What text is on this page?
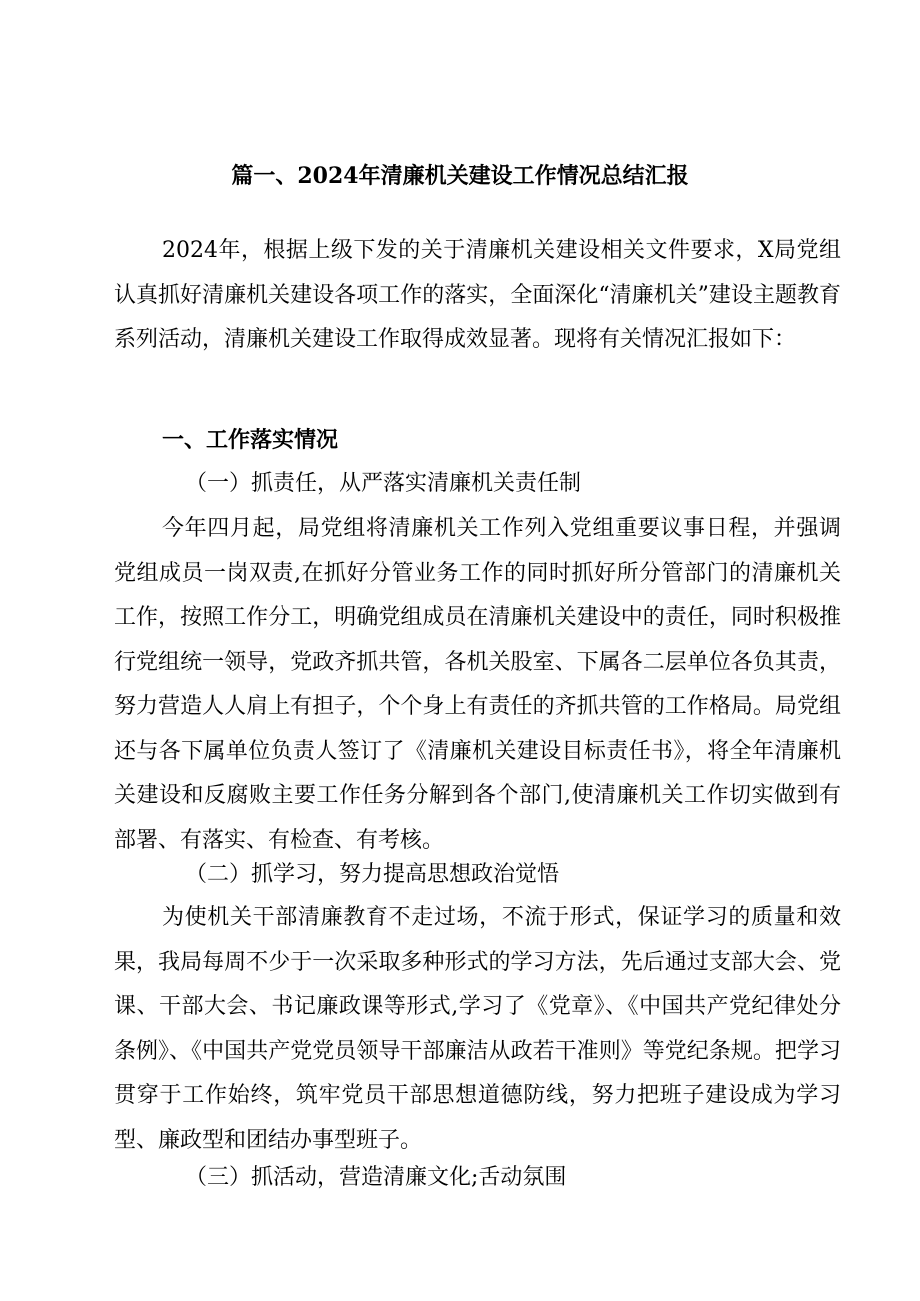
篇一、2024年清廉机关建设工作情况总结汇报

2024年，根据上级下发的关于清廉机关建设相关文件要求，X局党组认真抓好清廉机关建设各项工作的落实，全面深化“清廉机关”建设主题教育系列活动，清廉机关建设工作取得成效显著。现将有关情况汇报如下：

一、工作落实情况
（一）抓责任，从严落实清廉机关责任制

今年四月起，局党组将清廉机关工作列入党组重要议事日程，并强调党组成员一岗双责,在抓好分管业务工作的同时抓好所分管部门的清廉机关工作，按照工作分工，明确党组成员在清廉机关建设中的责任，同时积极推行党组统一领导，党政齐抓共管，各机关股室、下属各二层单位各负其责，努力营造人人肩上有担子，个个身上有责任的齐抓共管的工作格局。局党组还与各下属单位负责人签订了《清廉机关建设目标责任书》，将全年清廉机关建设和反腐败主要工作任务分解到各个部门,使清廉机关工作切实做到有部署、有落实、有检查、有考核。

（二）抓学习，努力提高思想政治觉悟

为使机关干部清廉教育不走过场，不流于形式，保证学习的质量和效果，我局每周不少于一次采取多种形式的学习方法，先后通过支部大会、党课、干部大会、书记廉政课等形式,学习了《党章》、《中国共产党纪律处分条例》、《中国共产党党员领导干部廉洁从政若干准则》等党纪条规。把学习贯穿于工作始终，筑牢党员干部思想道德防线，努力把班子建设成为学习型、廉政型和团结办事型班子。

（三）抓活动，营造清廉文化;舌动氛围
